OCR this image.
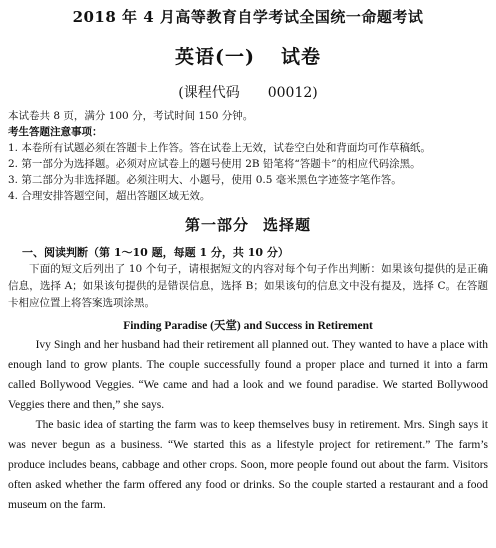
2018 年 4 月高等教育自学考试全国统一命题考试
英语(一) 试卷
(课程代码 00012)
本试卷共 8 页，满分 100 分，考试时间 150 分钟。
考生答题注意事项：
1. 本卷所有试题必须在答题卡上作答。答在试卷上无效，试卷空白处和背面均可作草稿纸。
2. 第一部分为选择题。必须对应试卷上的题号使用 2B 铅笔将“答题卡”的相应代码涂黑。
3. 第二部分为非选择题。必须注明大、小题号，使用 0.5 毫米黑色字迹签字笔作答。
4. 合理安排答题空间，超出答题区域无效。
第一部分 选择题
一、阅读判断（第 1～10 题，每题 1 分，共 10 分）

下面的短文后列出了 10 个句子，请根据短文的内容对每个句子作出判断：如果该句提供的是正确信息，选择 A；如果该句提供的是错误信息，选择 B；如果该句的信息文中没有提及，选择 C。在答题卡相应位置上将答案选项涂黑。

Finding Paradise (天堂) and Success in Retirement

Ivy Singh and her husband had their retirement all planned out. They wanted to have a place with enough land to grow plants. The couple successfully found a proper place and turned it into a farm called Bollywood Veggies. “We came and had a look and we found paradise. We started Bollywood Veggies there and then,” she says.

The basic idea of starting the farm was to keep themselves busy in retirement. Mrs. Singh says it was never begun as a business. “We started this as a lifestyle project for retirement.” The farm’s produce includes beans, cabbage and other crops. Soon, more people found out about the farm. Visitors often asked whether the farm offered any food or drinks. So the couple started a restaurant and a food museum on the farm.
